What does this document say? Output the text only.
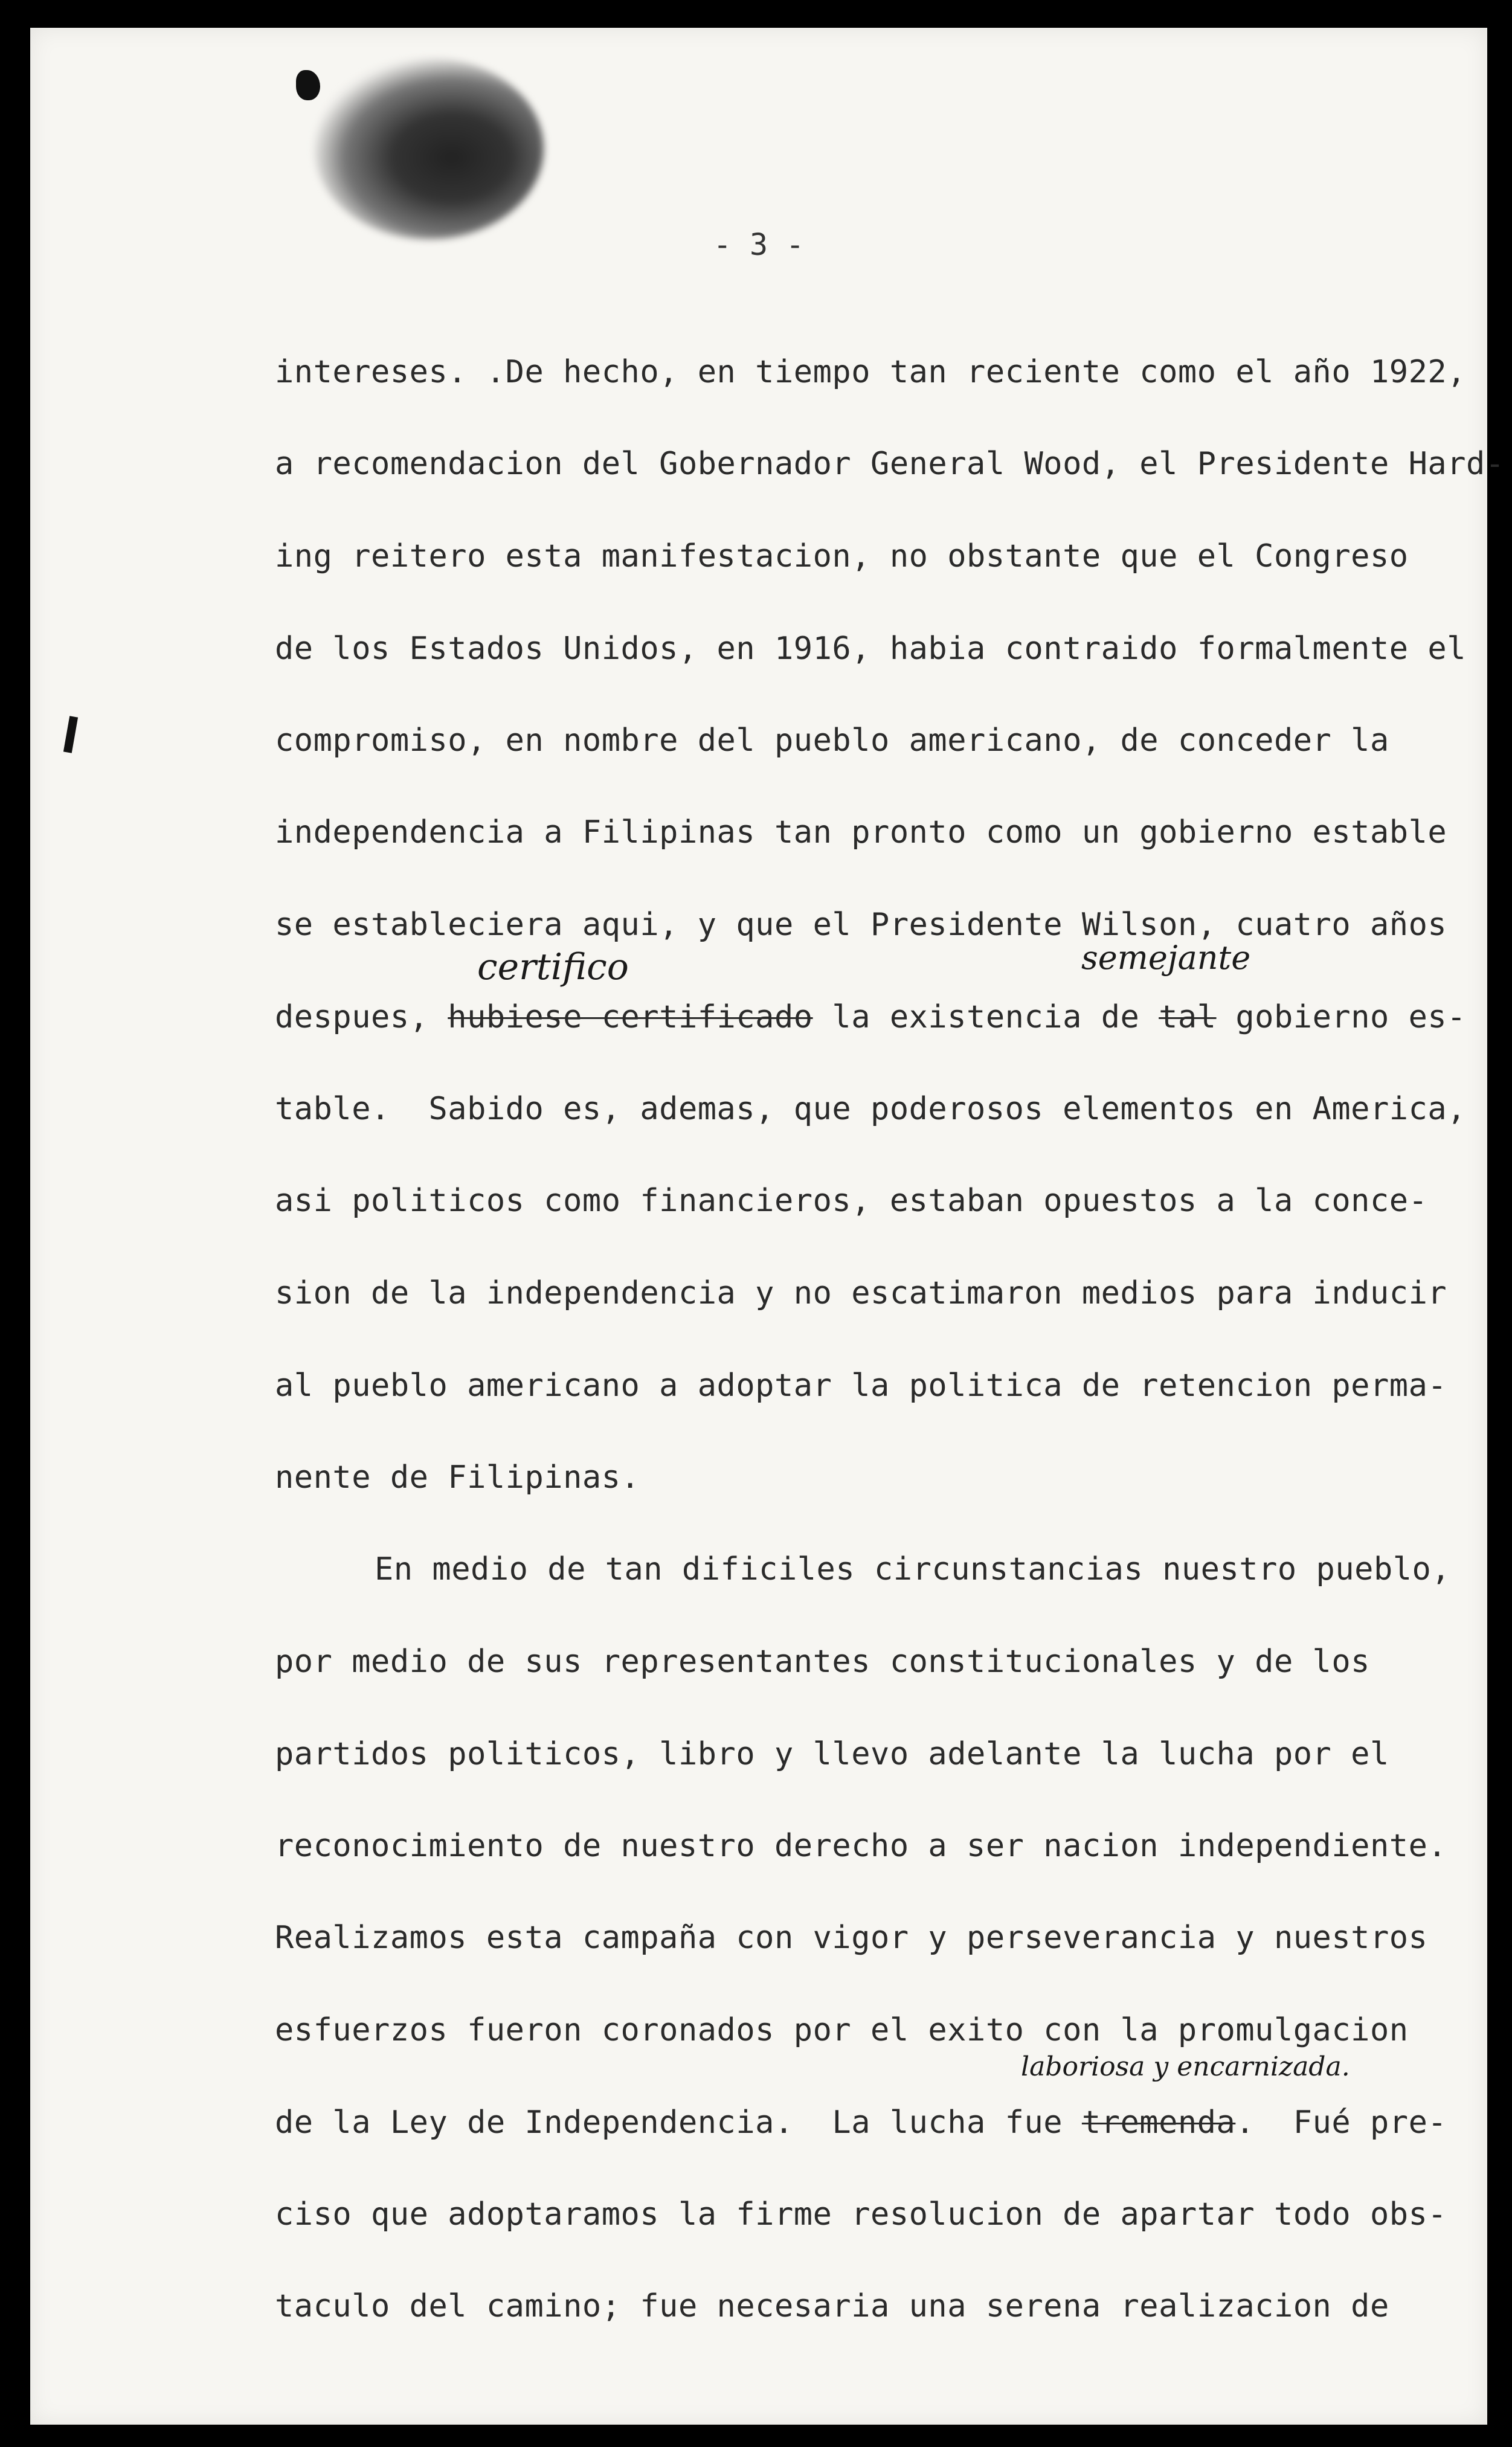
- 3 -
intereses. .De hecho, en tiempo tan reciente como el año 1922,
a recomendacion del Gobernador General Wood, el Presidente Hard-
ing reitero esta manifestacion, no obstante que el Congreso
de los Estados Unidos, en 1916, habia contraido formalmente el
compromiso, en nombre del pueblo americano, de conceder la
independencia a Filipinas tan pronto como un gobierno estable
se estableciera aqui, y que el Presidente Wilson, cuatro años
despues, hubiese certificado la existencia de tal gobierno es-
certifico	semejante
table.  Sabido es, ademas, que poderosos elementos en America,
asi politicos como financieros, estaban opuestos a la conce-
sion de la independencia y no escatimaron medios para inducir
al pueblo americano a adoptar la politica de retencion perma-
nente de Filipinas.
En medio de tan dificiles circunstancias nuestro pueblo,
por medio de sus representantes constitucionales y de los
partidos politicos, libro y llevo adelante la lucha por el
reconocimiento de nuestro derecho a ser nacion independiente.
Realizamos esta campaña con vigor y perseverancia y nuestros
esfuerzos fueron coronados por el exito con la promulgacion
de la Ley de Independencia.  La lucha fue tremenda.  Fué pre-
laboriosa y encarnizada.
ciso que adoptaramos la firme resolucion de apartar todo obs-
taculo del camino; fue necesaria una serena realizacion de
